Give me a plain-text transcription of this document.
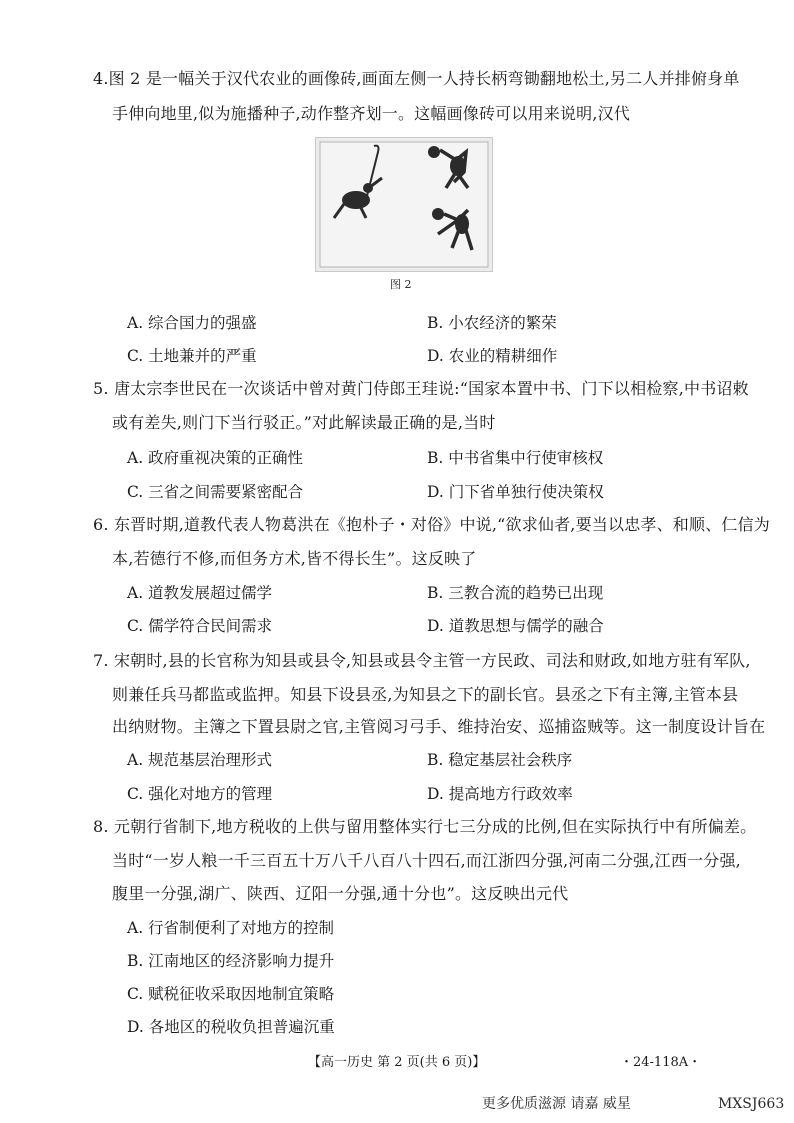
4.图 2 是一幅关于汉代农业的画像砖,画面左侧一人持长柄弯锄翻地松土,另二人并排俯身单
手伸向地里,似为施播种子,动作整齐划一。这幅画像砖可以用来说明,汉代
图 2
A. 综合国力的强盛	B. 小农经济的繁荣
C. 土地兼并的严重	D. 农业的精耕细作
5. 唐太宗李世民在一次谈话中曾对黄门侍郎王珪说:“国家本置中书、门下以相检察,中书诏敕
或有差失,则门下当行驳正。”对此解读最正确的是,当时
A. 政府重视决策的正确性	B. 中书省集中行使审核权
C. 三省之间需要紧密配合	D. 门下省单独行使决策权
6. 东晋时期,道教代表人物葛洪在《抱朴子・对俗》中说,“欲求仙者,要当以忠孝、和顺、仁信为
本,若德行不修,而但务方术,皆不得长生”。这反映了
A. 道教发展超过儒学	B. 三教合流的趋势已出现
C. 儒学符合民间需求	D. 道教思想与儒学的融合
7. 宋朝时,县的长官称为知县或县令,知县或县令主管一方民政、司法和财政,如地方驻有军队,
则兼任兵马都监或监押。知县下设县丞,为知县之下的副长官。县丞之下有主簿,主管本县
出纳财物。主簿之下置县尉之官,主管阅习弓手、维持治安、巡捕盗贼等。这一制度设计旨在
A. 规范基层治理形式	B. 稳定基层社会秩序
C. 强化对地方的管理	D. 提高地方行政效率
8. 元朝行省制下,地方税收的上供与留用整体实行七三分成的比例,但在实际执行中有所偏差。
当时“一岁人粮一千三百五十万八千八百八十四石,而江浙四分强,河南二分强,江西一分强,
腹里一分强,湖广、陕西、辽阳一分强,通十分也”。这反映出元代
A. 行省制便利了对地方的控制
B. 江南地区的经济影响力提升
C. 赋税征收采取因地制宜策略
D. 各地区的税收负担普遍沉重
【高一历史 第 2 页(共 6 页)】	・24-118A・
更多优质滋源 请嘉 威星	MXSJ663
